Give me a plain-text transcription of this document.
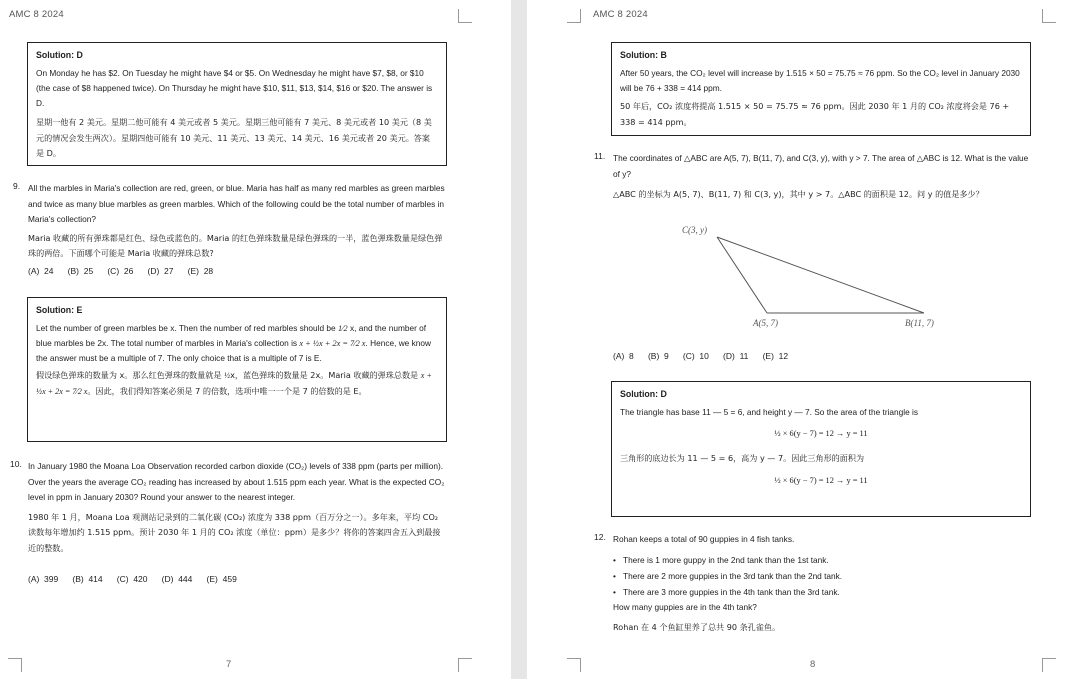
AMC 8 2024
Solution: D
On Monday he has $2. On Tuesday he might have $4 or $5. On Wednesday he might have $7, $8, or $10 (the case of $8 happened twice). On Thursday he might have $10, $11, $13, $14, $16 or $20. The answer is D.
星期一他有 2 美元。星期二他可能有 4 美元或者 5 美元。星期三他可能有 7 美元、8 美元或者 10 美元（8 美元的情况会发生两次）。星期四他可能有 10 美元、11 美元、13 美元、14 美元、16 美元或者 20 美元。答案是 D。
9. All the marbles in Maria's collection are red, green, or blue. Maria has half as many red marbles as green marbles and twice as many blue marbles as green marbles. Which of the following could be the total number of marbles in Maria's collection?
Maria 收藏的所有弹珠都是红色、绿色或蓝色的。Maria 的红色弹珠数量是绿色弹珠的一半，蓝色弹珠数量是绿色弹珠的两倍。下面哪个可能是 Maria 收藏的弹珠总数?
(A)  24      (B)  25      (C)  26      (D)  27      (E)  28
Solution: E
Let the number of green marbles be x. Then the number of red marbles should be 1⁄2 x, and the number of blue marbles be 2x. The total number of marbles in Maria's collection is x + ½x + 2x = 7⁄2 x. Hence, we know the answer must be a multiple of 7. The only choice that is a multiple of 7 is E.
假设绿色弹珠的数量为 x。那么红色弹珠的数量就是 ½x，蓝色弹珠的数量是 2x。Maria 收藏的弹珠总数是 x + ½x + 2x = 7⁄2 x。因此，我们得知答案必须是 7 的倍数，选项中唯一一个是 7 的倍数的是 E。
10. In January 1980 the Moana Loa Observation recorded carbon dioxide (CO₂) levels of 338 ppm (parts per million). Over the years the average CO₂ reading has increased by about 1.515 ppm each year. What is the expected CO₂ level in ppm in January 2030? Round your answer to the nearest integer.
1980 年 1 月，Moana Loa 观测站记录到的二氧化碳 (CO₂) 浓度为 338 ppm（百万分之一）。多年来，平均 CO₂ 读数每年增加约 1.515 ppm。预计 2030 年 1 月的 CO₂ 浓度（单位：ppm）是多少？将你的答案四舍五入到最接近的整数。
(A)  399      (B)  414      (C)  420      (D)  444      (E)  459
7
AMC 8 2024
Solution: B
After 50 years, the CO₂ level will increase by 1.515 × 50 = 75.75 ≈ 76 ppm. So the CO₂ level in January 2030 will be 76 + 338 = 414 ppm.
50 年后，CO₂ 浓度将提高 1.515 × 50 = 75.75 ≈ 76 ppm。因此 2030 年 1 月的 CO₂ 浓度将会是 76 + 338 = 414 ppm。
11. The coordinates of △ABC are A(5, 7), B(11, 7), and C(3, y), with y > 7. The area of △ABC is 12. What is the value of y?
△ABC 的坐标为 A(5, 7)、B(11, 7) 和 C(3, y)，其中 y > 7。△ABC 的面积是 12。问 y 的值是多少？
C(3, y)
A(5, 7)	B(11, 7)
(A)  8      (B)  9      (C)  10      (D)  11      (E)  12
Solution: D
The triangle has base 11 — 5 = 6, and height y — 7. So the area of the triangle is
½ × 6(y − 7) = 12 → y = 11
三角形的底边长为 11 — 5 = 6，高为 y — 7。因此三角形的面积为
½ × 6(y − 7) = 12 → y = 11
12. Rohan keeps a total of 90 guppies in 4 fish tanks.
• There is 1 more guppy in the 2nd tank than the 1st tank.
• There are 2 more guppies in the 3rd tank than the 2nd tank.
• There are 3 more guppies in the 4th tank than the 3rd tank.
How many guppies are in the 4th tank?
Rohan 在 4 个鱼缸里养了总共 90 条孔雀鱼。
8
